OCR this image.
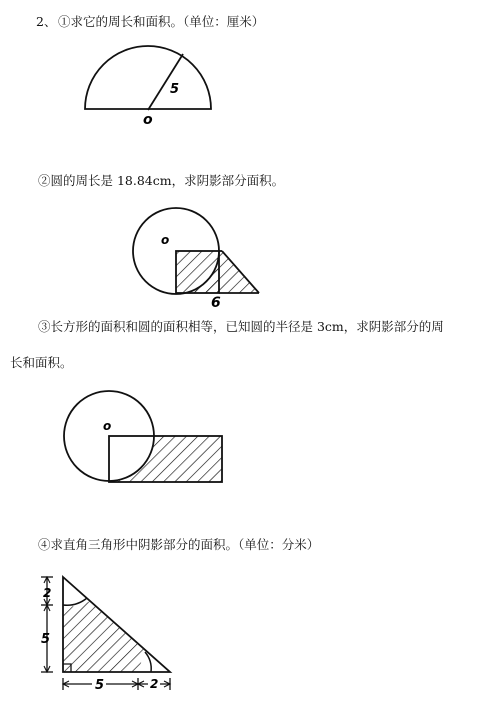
2、 ①求它的周长和面积。（单位：厘米）
②圆的周长是 18.84cm，求阴影部分面积。
③长方形的面积和圆的面积相等，已知圆的半径是 3cm，求阴影部分的周
长和面积。
④求直角三角形中阴影部分的面积。（单位：分米）
5
o
o
6
o
2
5
5	2
